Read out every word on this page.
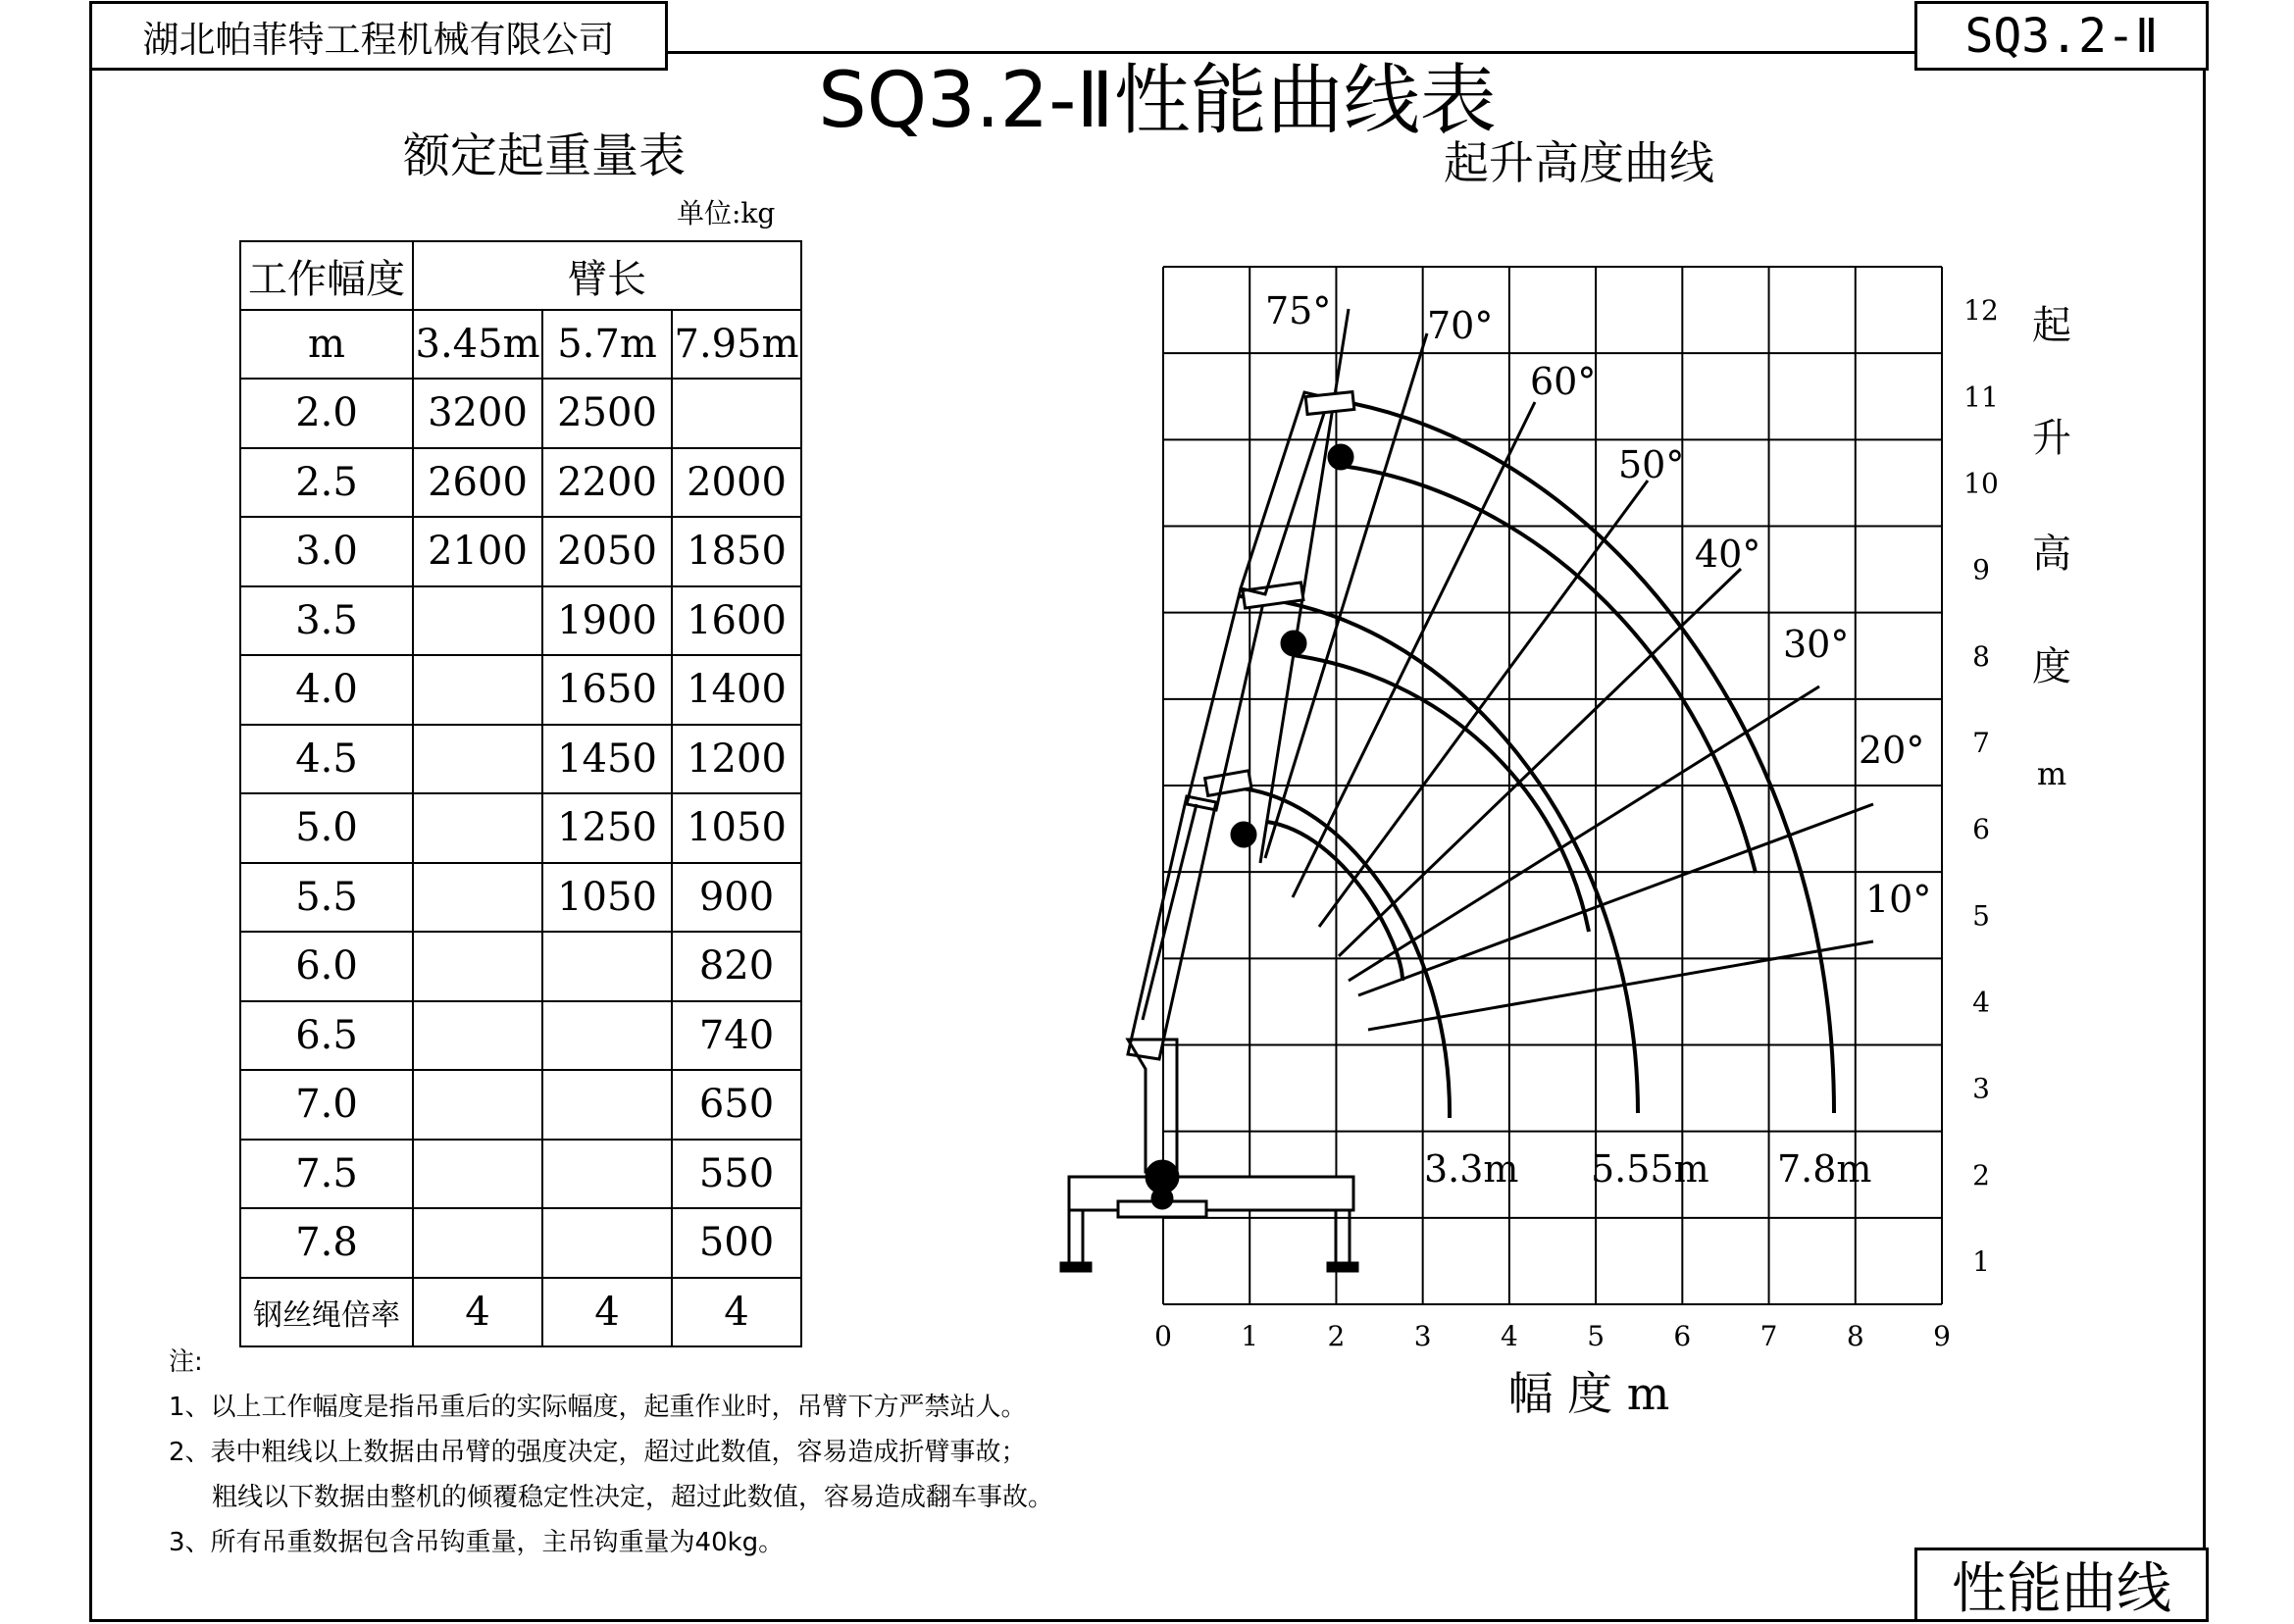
湖北帕菲特工程机械有限公司	SQ3.2-Ⅱ
性能曲线
SQ3.2-Ⅱ性能曲线表
额定起重量表
单位:kg
工作幅度	臂长		
m	3.45m	5.7m	7.95m
2.0	3200	2500	
2.5	2600	2200	2000
3.0	2100	2050	1850
3.5		1900	1600
4.0		1650	1400
4.5		1450	1200
5.0		1250	1050
5.5		1050	900
6.0			820
6.5			740
7.0			650
7.5			550
7.8			500
钢丝绳倍率	4	4	4
注:
1、以上工作幅度是指吊重后的实际幅度，起重作业时，吊臂下方严禁站人。
2、表中粗线以上数据由吊臂的强度决定，超过此数值，容易造成折臂事故；
粗线以下数据由整机的倾覆稳定性决定，超过此数值，容易造成翻车事故。
3、所有吊重数据包含吊钩重量，主吊钩重量为40kg。
起升高度曲线
0	1	2	3	4	5	6	7	8	9
1
2
3
4
5
6
7
8
9
10
11
12
幅 度 m
起
升
高
度
m
75°	70°
60°
50°
40°
30°
20°
10°
3.3m 5.55m 7.8m
